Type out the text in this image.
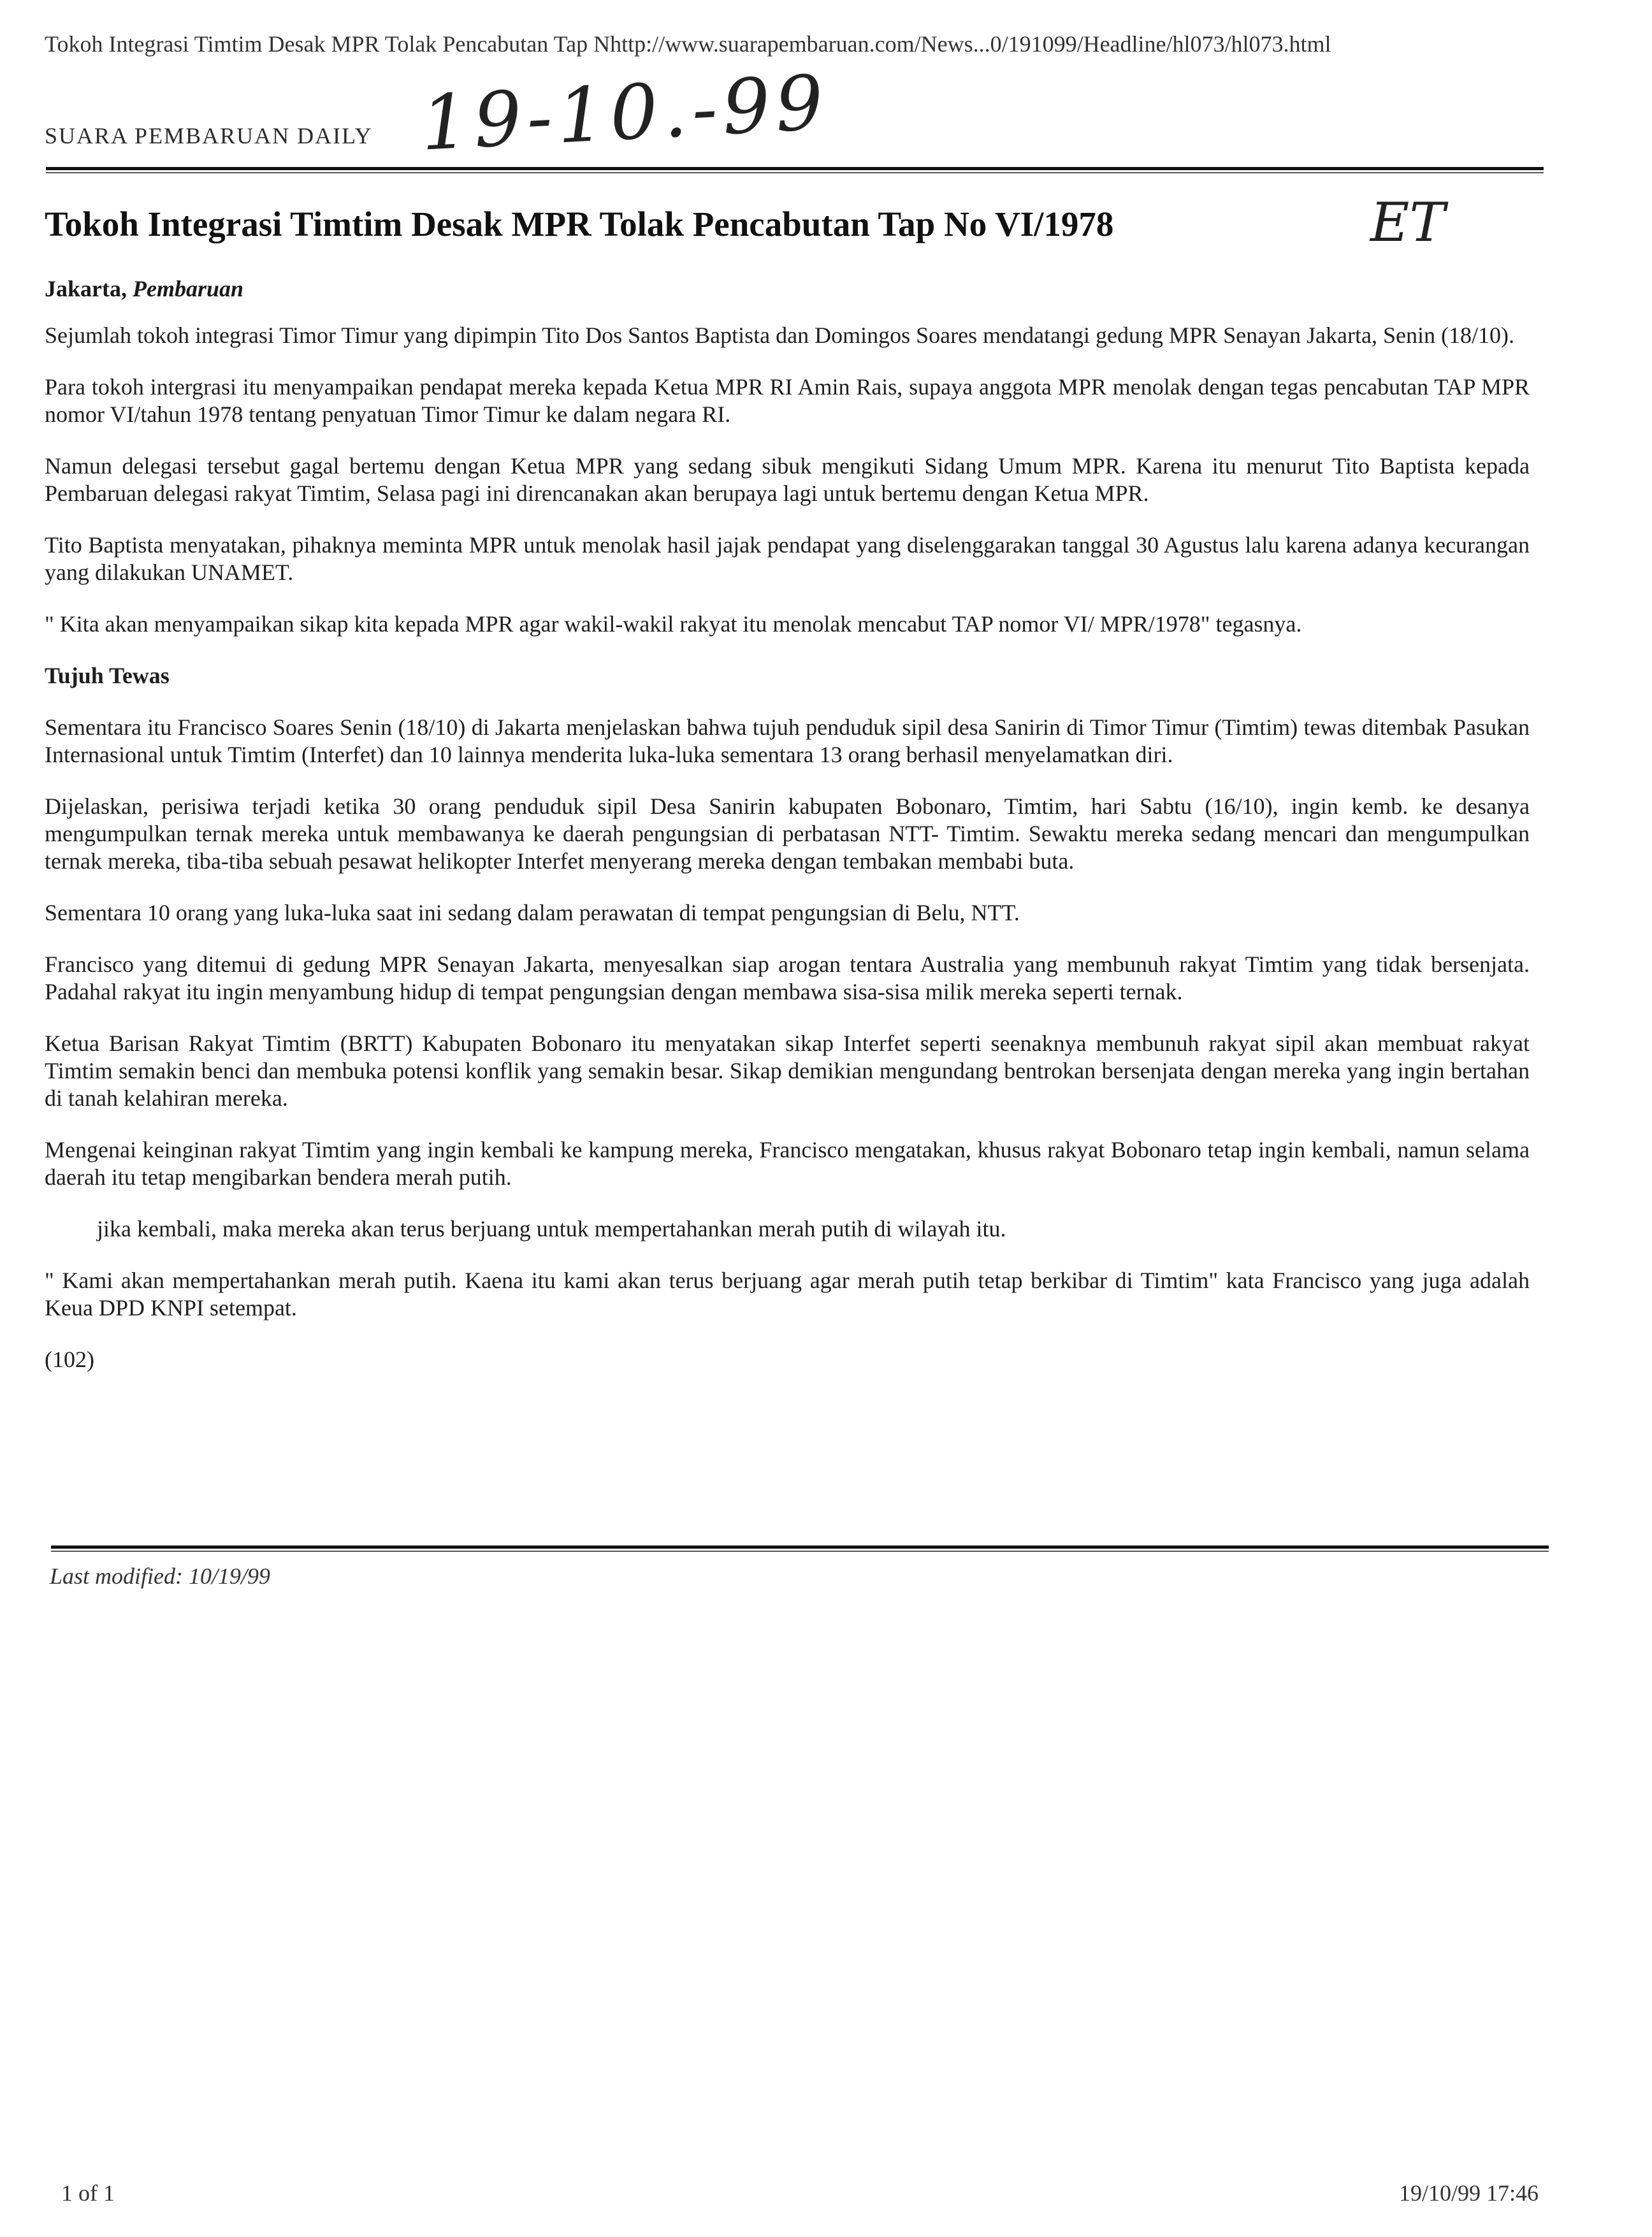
Tokoh Integrasi Timtim Desak MPR Tolak Pencabutan Tap Nhttp://www.suarapembaruan.com/News...0/191099/Headline/hl073/hl073.html
SUARA PEMBARUAN DAILY 19-10.-99
Tokoh Integrasi Timtim Desak MPR Tolak Pencabutan Tap No VI/1978	ET
Jakarta, Pembaruan

Sejumlah tokoh integrasi Timor Timur yang dipimpin Tito Dos Santos Baptista dan Domingos Soares mendatangi gedung MPR Senayan Jakarta, Senin (18/10).

Para tokoh intergrasi itu menyampaikan pendapat mereka kepada Ketua MPR RI Amin Rais, supaya anggota MPR menolak dengan tegas pencabutan TAP MPR nomor VI/tahun 1978 tentang penyatuan Timor Timur ke dalam negara RI.

Namun delegasi tersebut gagal bertemu dengan Ketua MPR yang sedang sibuk mengikuti Sidang Umum MPR. Karena itu menurut Tito Baptista kepada Pembaruan delegasi rakyat Timtim, Selasa pagi ini direncanakan akan berupaya lagi untuk bertemu dengan Ketua MPR.

Tito Baptista menyatakan, pihaknya meminta MPR untuk menolak hasil jajak pendapat yang diselenggarakan tanggal 30 Agustus lalu karena adanya kecurangan yang dilakukan UNAMET.

" Kita akan menyampaikan sikap kita kepada MPR agar wakil-wakil rakyat itu menolak mencabut TAP nomor VI/ MPR/1978" tegasnya.

Tujuh Tewas

Sementara itu Francisco Soares Senin (18/10) di Jakarta menjelaskan bahwa tujuh penduduk sipil desa Sanirin di Timor Timur (Timtim) tewas ditembak Pasukan Internasional untuk Timtim (Interfet) dan 10 lainnya menderita luka-luka sementara 13 orang berhasil menyelamatkan diri.

Dijelaskan, perisiwa terjadi ketika 30 orang penduduk sipil Desa Sanirin kabupaten Bobonaro, Timtim, hari Sabtu (16/10), ingin kemb. ke desanya mengumpulkan ternak mereka untuk membawanya ke daerah pengungsian di perbatasan NTT- Timtim. Sewaktu mereka sedang mencari dan mengumpulkan ternak mereka, tiba-tiba sebuah pesawat helikopter Interfet menyerang mereka dengan tembakan membabi buta.

Sementara 10 orang yang luka-luka saat ini sedang dalam perawatan di tempat pengungsian di Belu, NTT.

Francisco yang ditemui di gedung MPR Senayan Jakarta, menyesalkan siap arogan tentara Australia yang membunuh rakyat Timtim yang tidak bersenjata. Padahal rakyat itu ingin menyambung hidup di tempat pengungsian dengan membawa sisa-sisa milik mereka seperti ternak.

Ketua Barisan Rakyat Timtim (BRTT) Kabupaten Bobonaro itu menyatakan sikap Interfet seperti seenaknya membunuh rakyat sipil akan membuat rakyat Timtim semakin benci dan membuka potensi konflik yang semakin besar. Sikap demikian mengundang bentrokan bersenjata dengan mereka yang ingin bertahan di tanah kelahiran mereka.

Mengenai keinginan rakyat Timtim yang ingin kembali ke kampung mereka, Francisco mengatakan, khusus rakyat Bobonaro tetap ingin kembali, namun selama daerah itu tetap mengibarkan bendera merah putih.

jika kembali, maka mereka akan terus berjuang untuk mempertahankan merah putih di wilayah itu.

" Kami akan mempertahankan merah putih. Kaena itu kami akan terus berjuang agar merah putih tetap berkibar di Timtim" kata Francisco yang juga adalah Keua DPD KNPI setempat.

(102)

Last modified: 10/19/99
1 of 1	19/10/99 17:46
